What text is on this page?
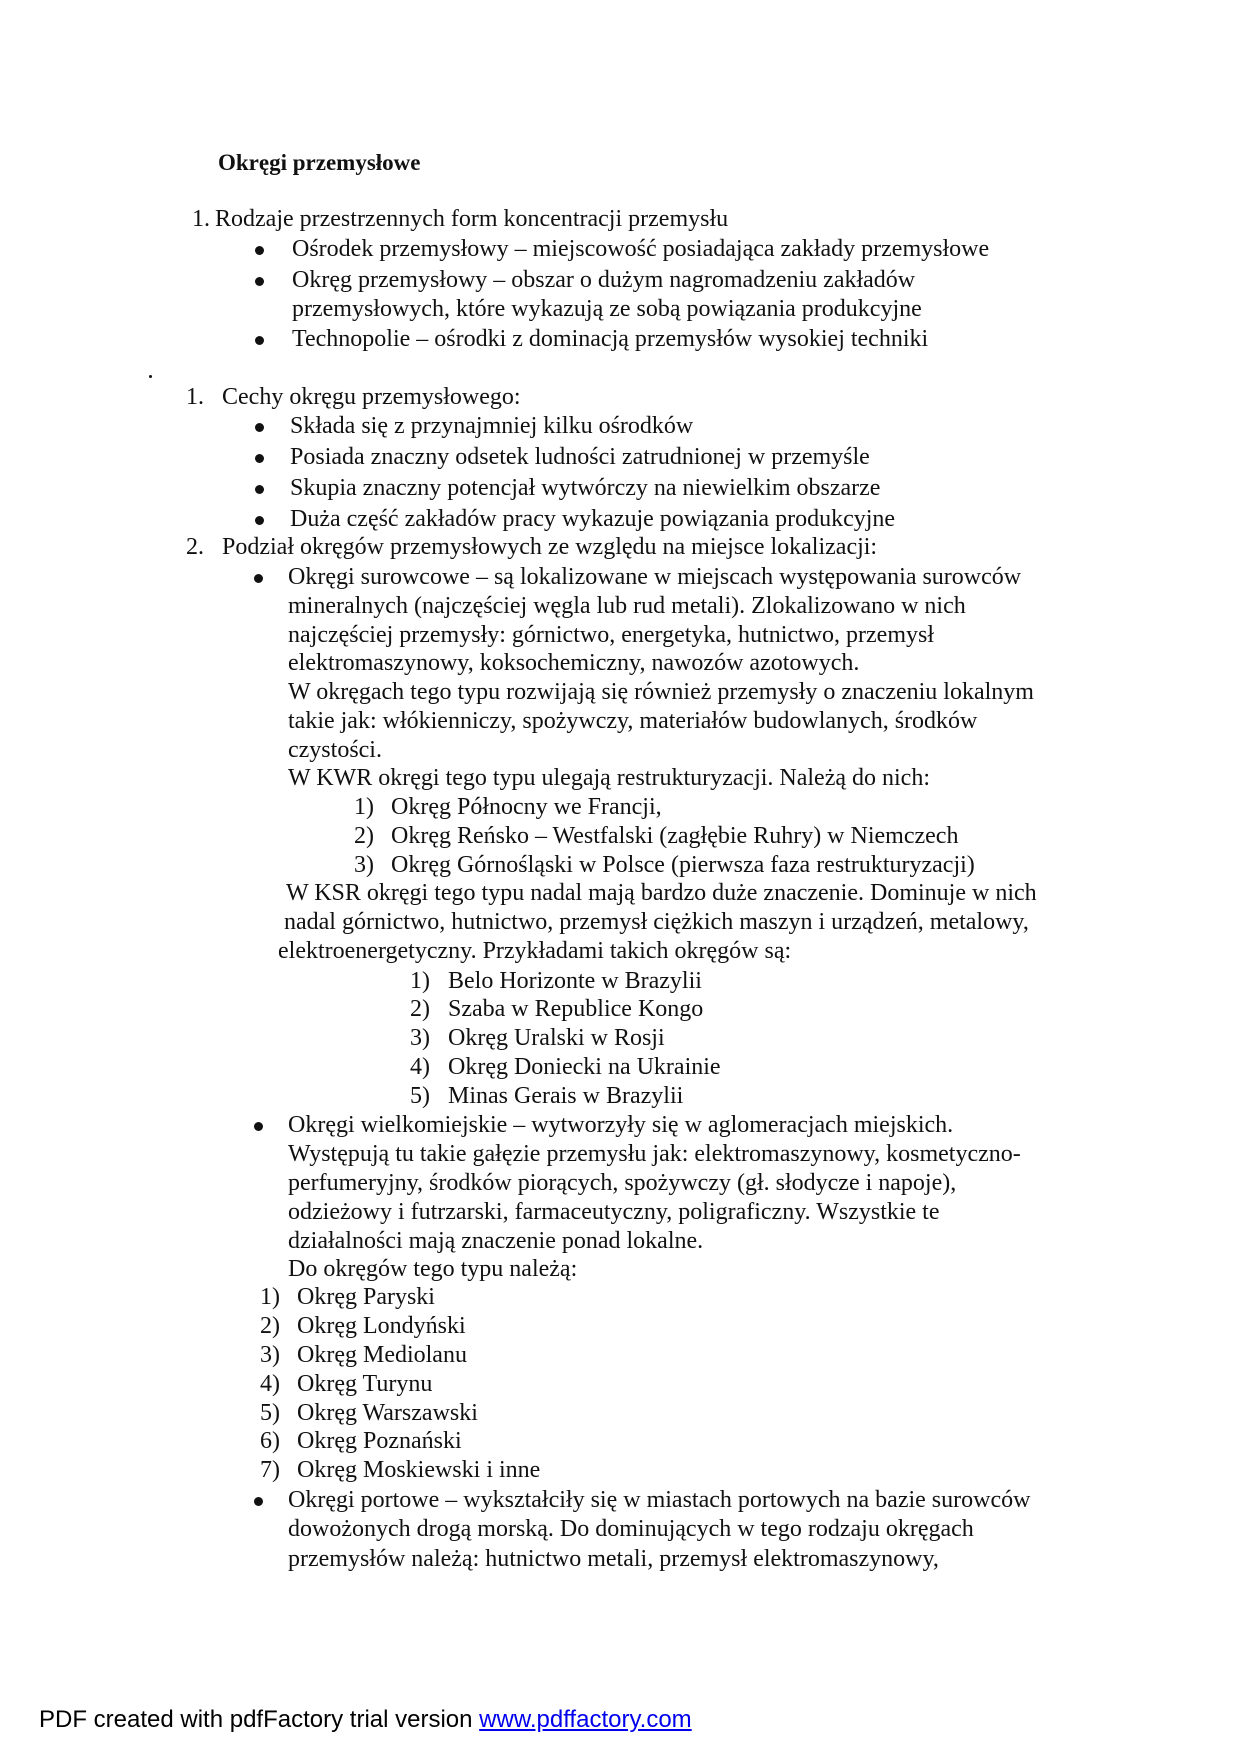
Okręgi przemysłowe
1. Rodzaje przestrzennych form koncentracji przemysłu
Ośrodek przemysłowy – miejscowość posiadająca zakłady przemysłowe
Okręg przemysłowy – obszar o dużym nagromadzeniu zakładów
przemysłowych, które wykazują ze sobą powiązania produkcyjne
Technopolie – ośrodki z dominacją przemysłów wysokiej techniki
1. Cechy okręgu przemysłowego:
Składa się z przynajmniej kilku ośrodków
Posiada znaczny odsetek ludności zatrudnionej w przemyśle
Skupia znaczny potencjał wytwórczy na niewielkim obszarze
Duża część zakładów pracy wykazuje powiązania produkcyjne
2. Podział okręgów przemysłowych ze względu na miejsce lokalizacji:
Okręgi surowcowe – są lokalizowane w miejscach występowania surowców
mineralnych (najczęściej węgla lub rud metali). Zlokalizowano w nich
najczęściej przemysły: górnictwo, energetyka, hutnictwo, przemysł
elektromaszynowy, koksochemiczny, nawozów azotowych.
W okręgach tego typu rozwijają się również przemysły o znaczeniu lokalnym
takie jak: włókienniczy, spożywczy, materiałów budowlanych, środków
czystości.
W KWR okręgi tego typu ulegają restrukturyzacji. Należą do nich:
1) Okręg Północny we Francji,
2) Okręg Reńsko – Westfalski (zagłębie Ruhry) w Niemczech
3) Okręg Górnośląski w Polsce (pierwsza faza restrukturyzacji)
W KSR okręgi tego typu nadal mają bardzo duże znaczenie. Dominuje w nich
nadal górnictwo, hutnictwo, przemysł ciężkich maszyn i urządzeń, metalowy,
elektroenergetyczny. Przykładami takich okręgów są:
1) Belo Horizonte w Brazylii
2) Szaba w Republice Kongo
3) Okręg Uralski w Rosji
4) Okręg Doniecki na Ukrainie
5) Minas Gerais w Brazylii
Okręgi wielkomiejskie – wytworzyły się w aglomeracjach miejskich.
Występują tu takie gałęzie przemysłu jak: elektromaszynowy, kosmetyczno-
perfumeryjny, środków piorących, spożywczy (gł. słodycze i napoje),
odzieżowy i futrzarski, farmaceutyczny, poligraficzny. Wszystkie te
działalności mają znaczenie ponad lokalne.
Do okręgów tego typu należą:
1) Okręg Paryski
2) Okręg Londyński
3) Okręg Mediolanu
4) Okręg Turynu
5) Okręg Warszawski
6) Okręg Poznański
7) Okręg Moskiewski i inne
Okręgi portowe – wykształciły się w miastach portowych na bazie surowców
dowożonych drogą morską. Do dominujących w tego rodzaju okręgach
przemysłów należą: hutnictwo metali, przemysł elektromaszynowy,
PDF created with pdfFactory trial version www.pdffactory.com
